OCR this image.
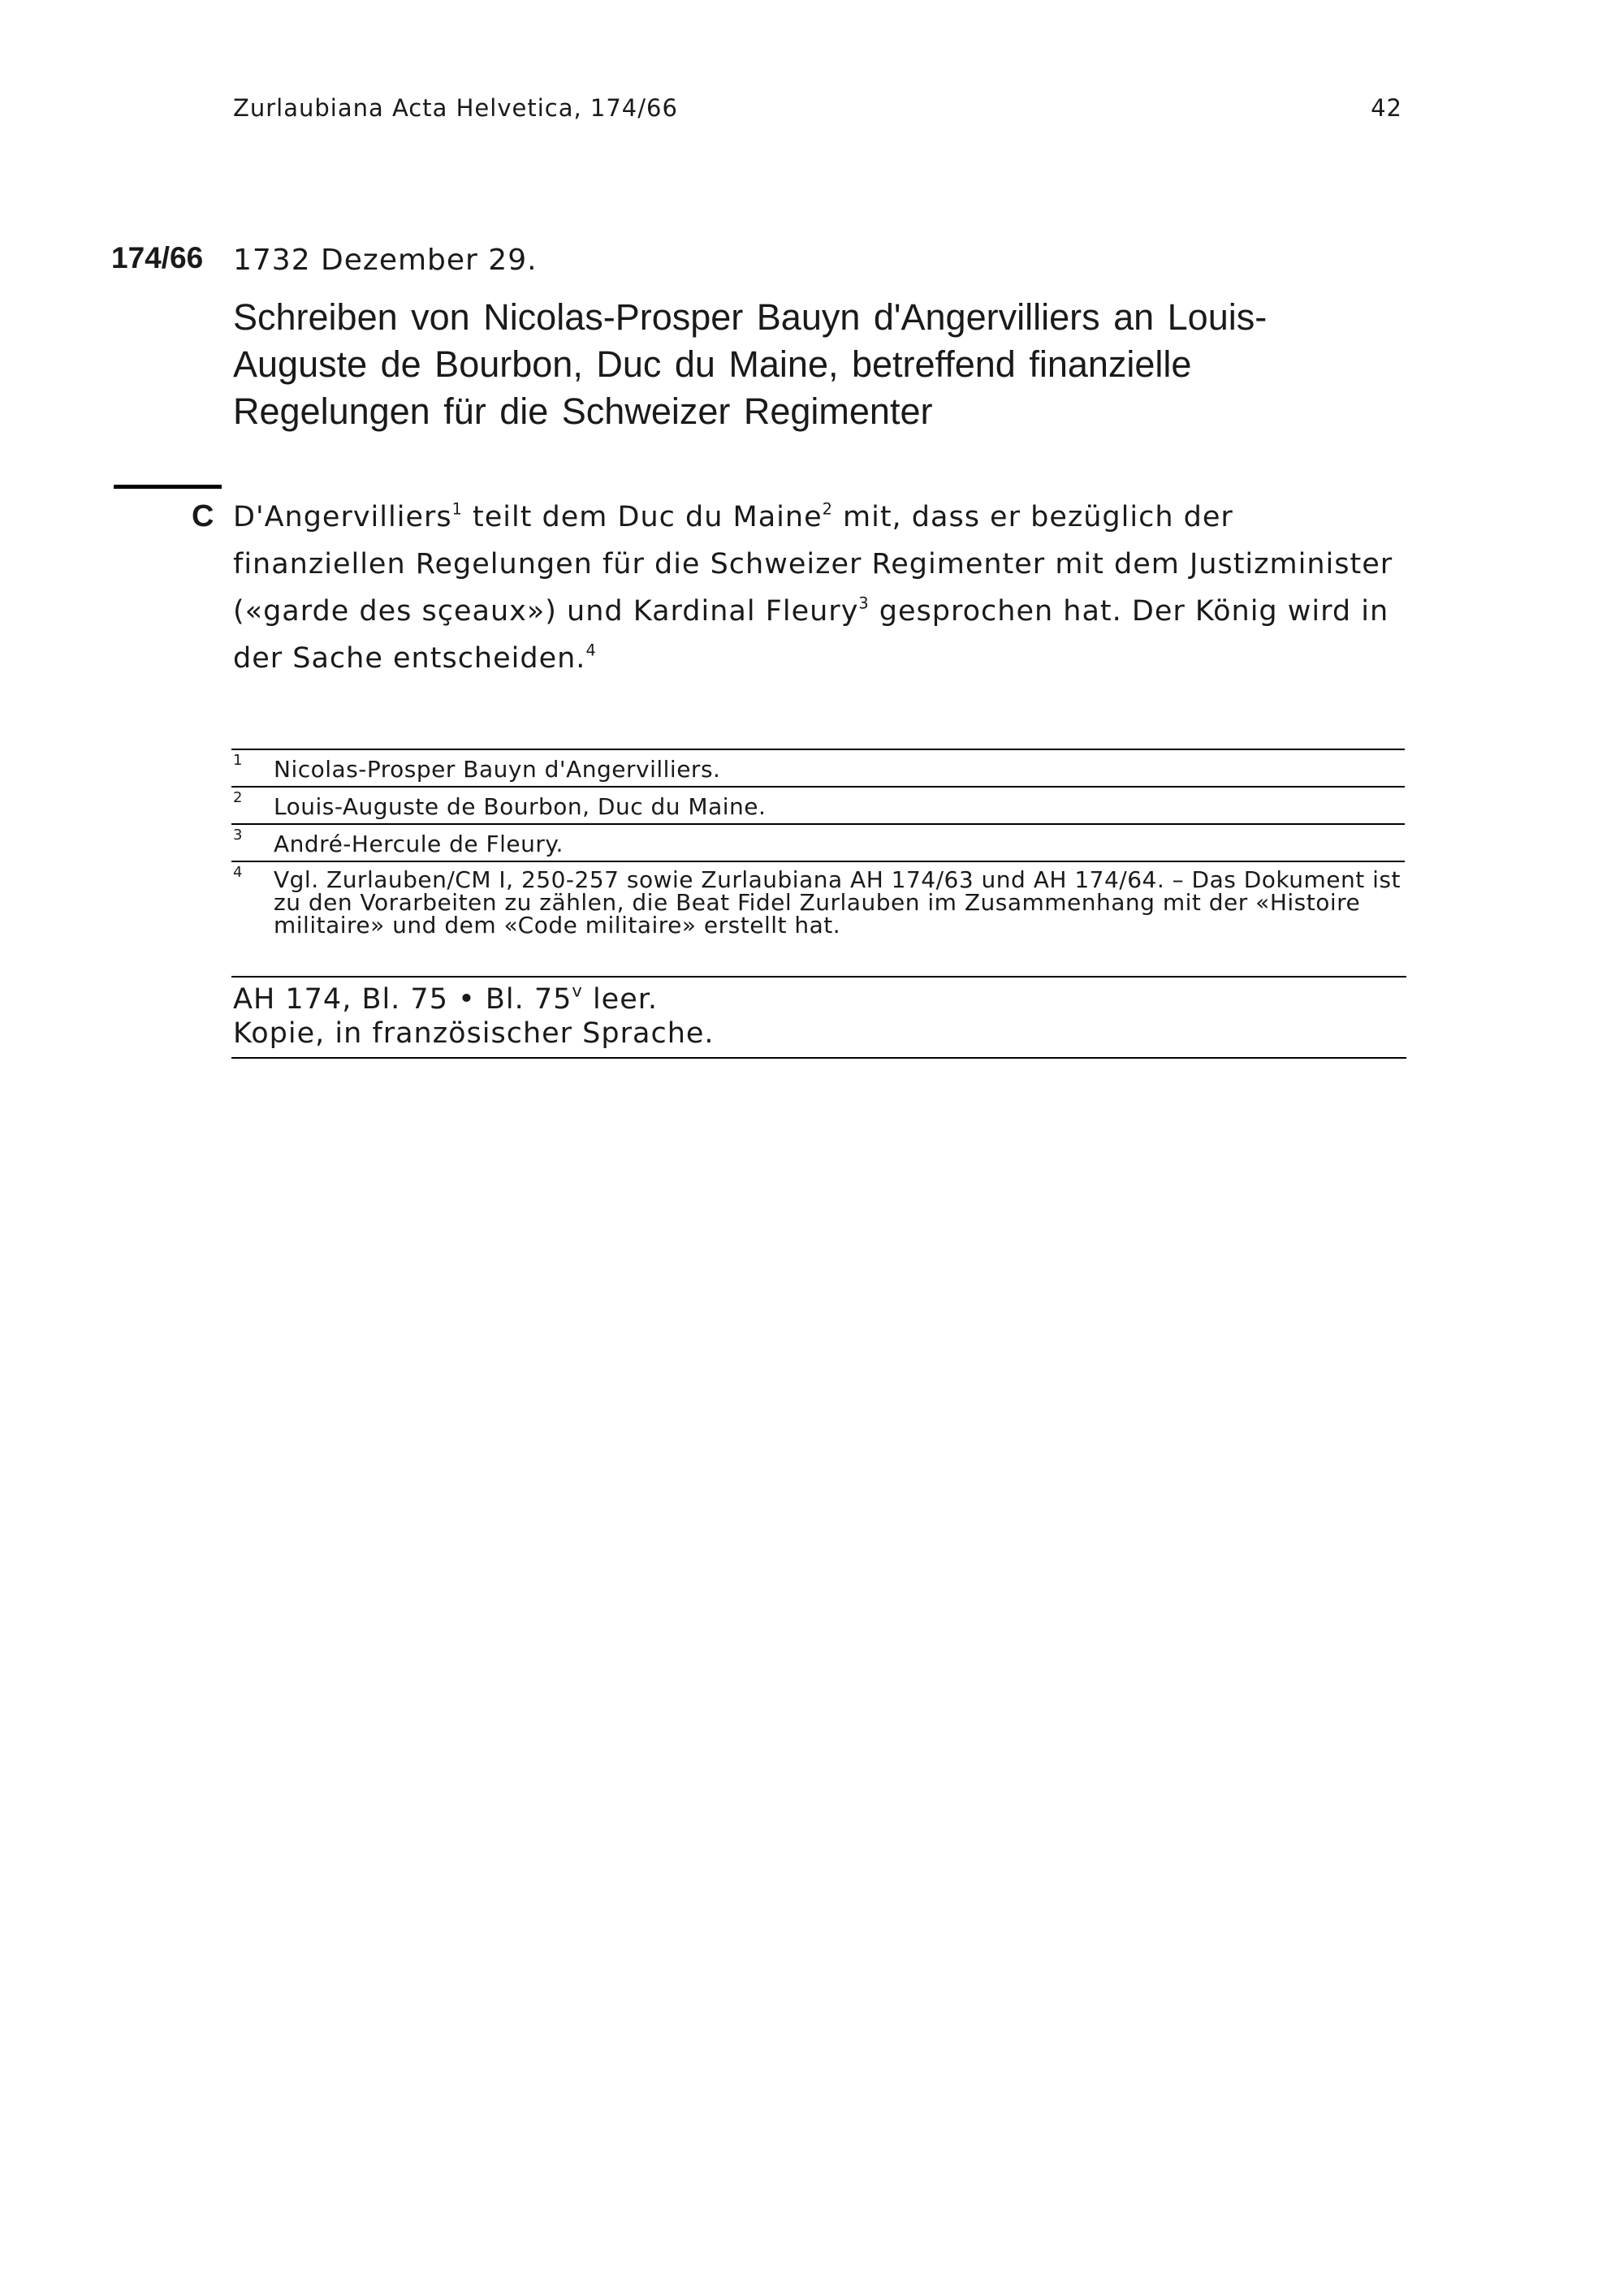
Zurlaubiana Acta Helvetica, 174/66	42
174/66 1732 Dezember 29.
Schreiben von Nicolas-Prosper Bauyn d'Angervilliers an Louis-Auguste de Bourbon, Duc du Maine, betreffend finanzielle Regelungen für die Schweizer Regimenter
C D'Angervilliers$^1$ teilt dem Duc du Maine$^2$ mit, dass er bezüglich der finanziellen Regelungen für die Schweizer Regimenter mit dem Justizminister («garde des sçeaux») und Kardinal Fleury$^3$ gesprochen hat. Der König wird in der Sache entscheiden.$^4$

1 Nicolas-Prosper Bauyn d'Angervilliers.
2 Louis-Auguste de Bourbon, Duc du Maine.
3 André-Hercule de Fleury.
4 Vgl. Zurlauben/CM I, 250-257 sowie Zurlaubiana AH 174/63 und AH 174/64. – Das Dokument ist zu den Vorarbeiten zu zählen, die Beat Fidel Zurlauben im Zusammenhang mit der «Histoire militaire» und dem «Code militaire» erstellt hat.
AH 174, Bl. 75 • Bl. 75$^v$ leer.
Kopie, in französischer Sprache.
